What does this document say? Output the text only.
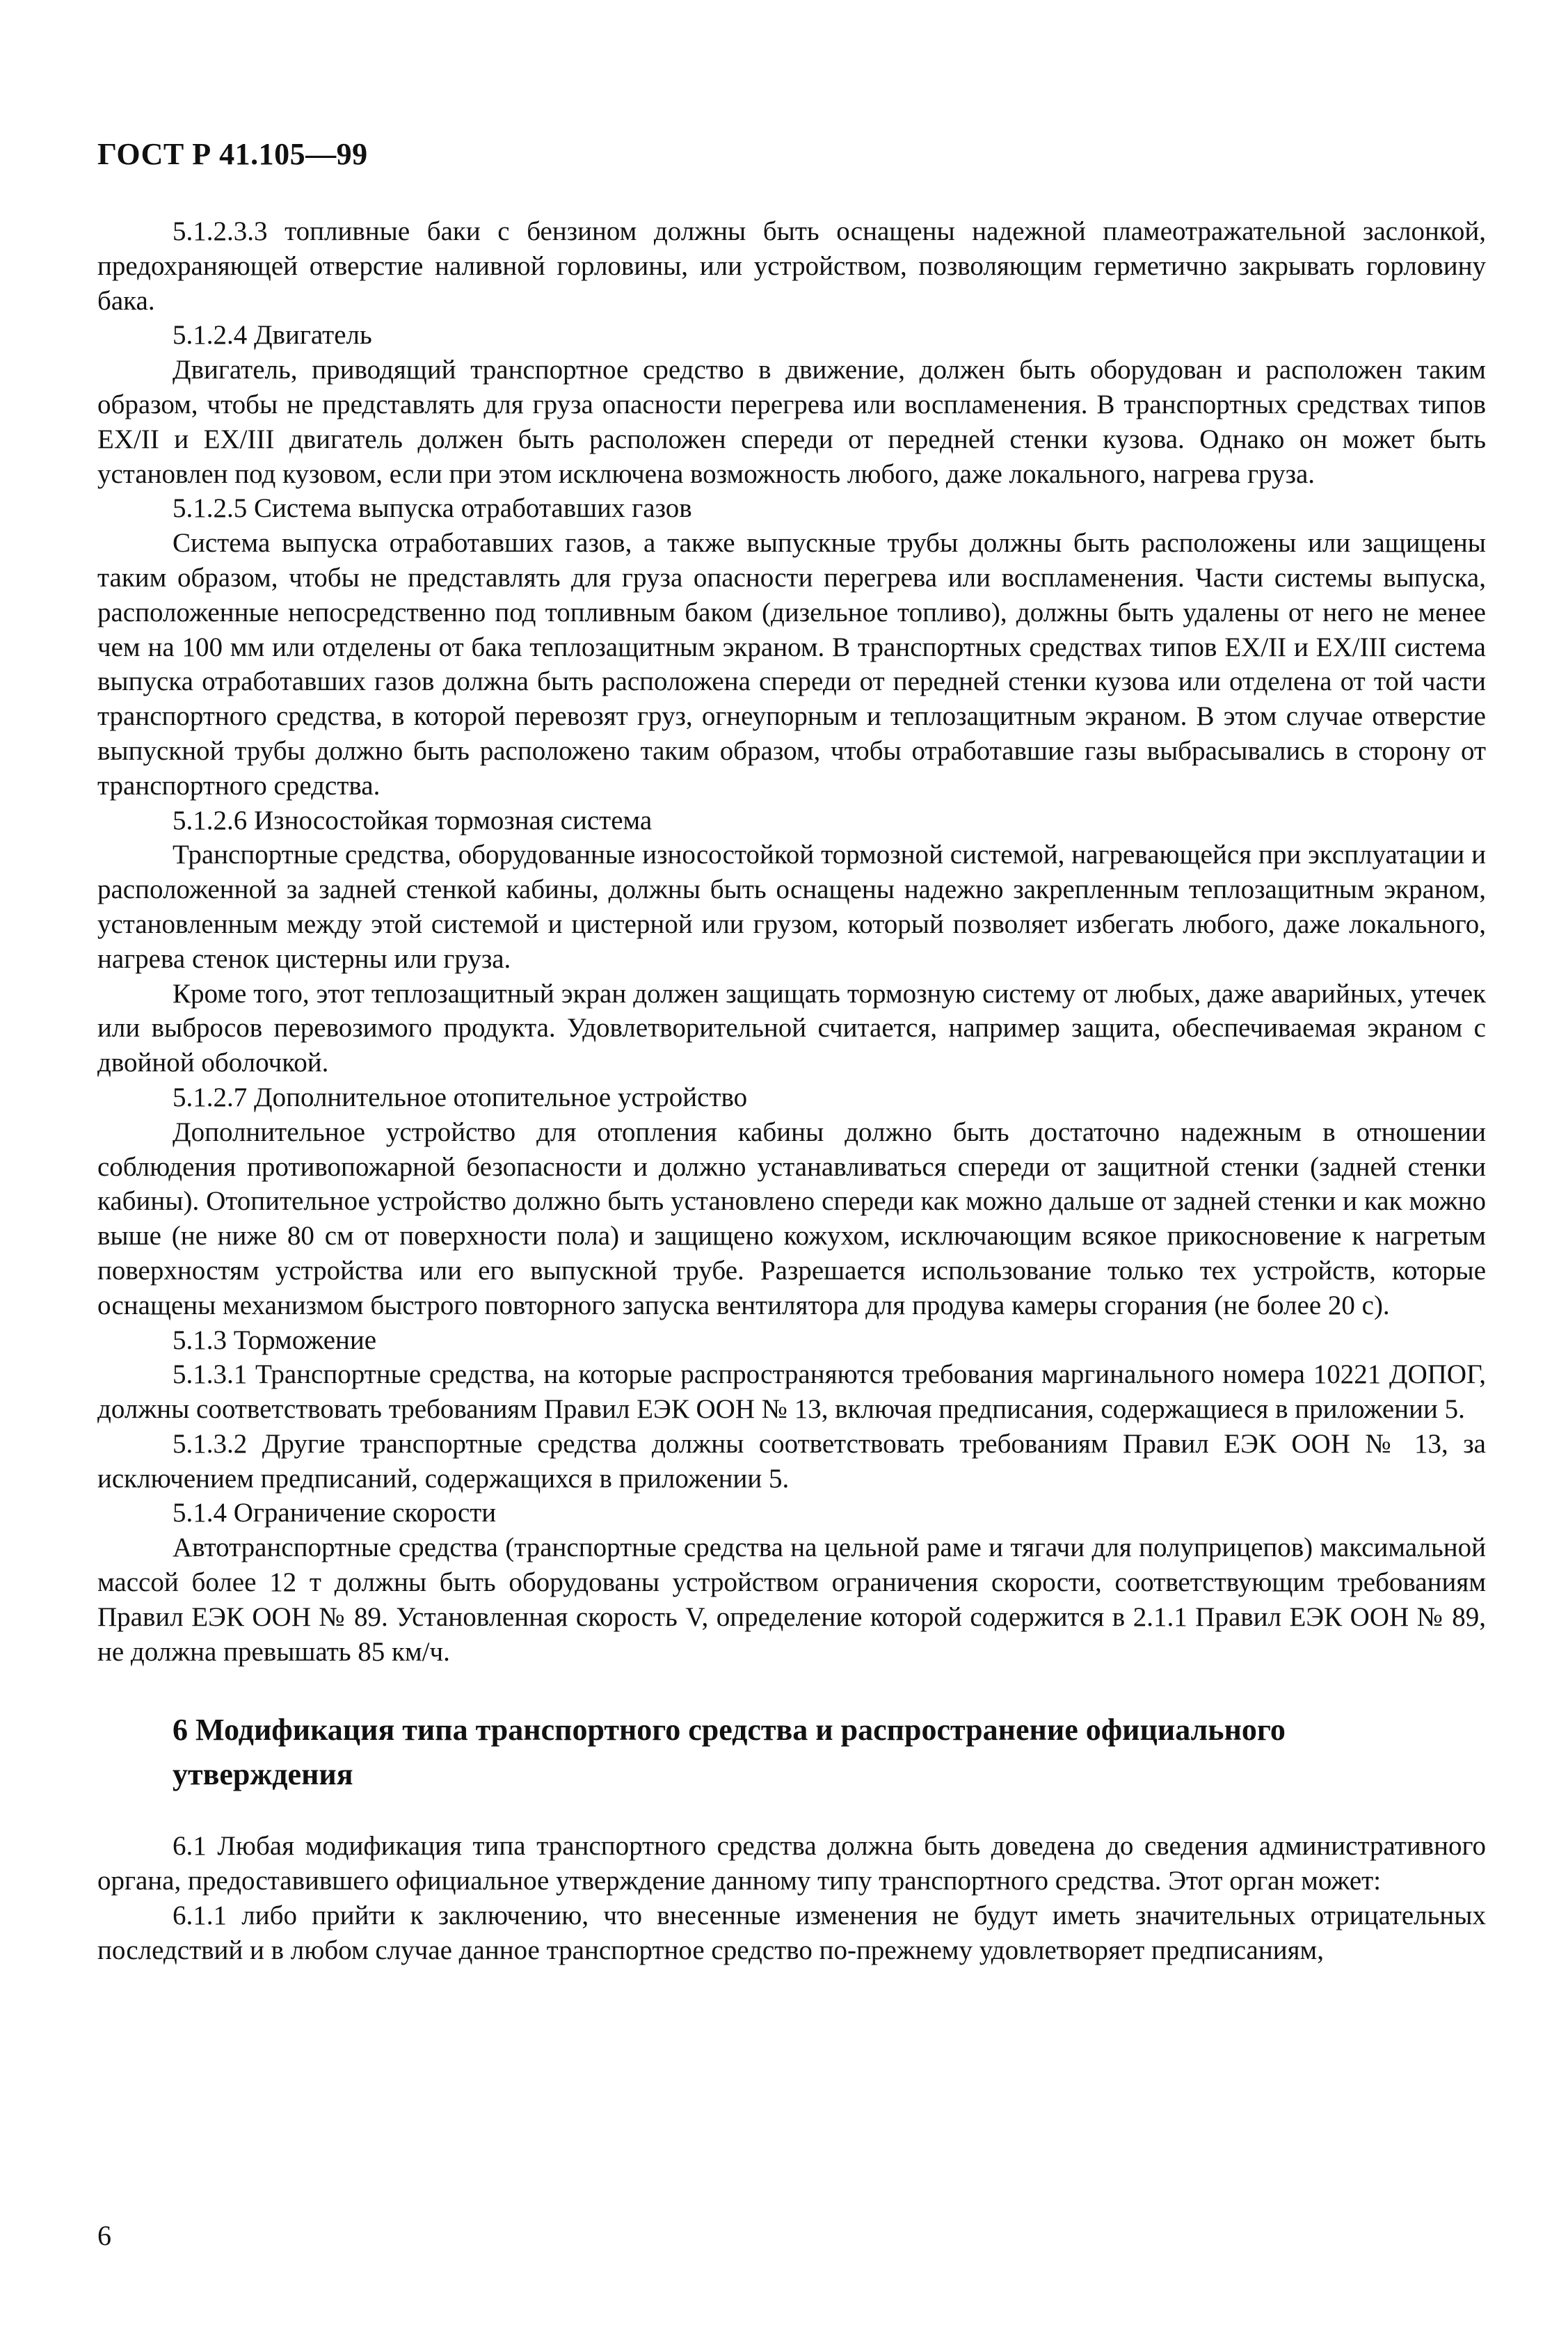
ГОСТ Р 41.105—99

5.1.2.3.3 топливные баки с бензином должны быть оснащены надежной пламеотражательной заслонкой, предохраняющей отверстие наливной горловины, или устройством, позволяющим герметично закрывать горловину бака.

5.1.2.4 Двигатель

Двигатель, приводящий транспортное средство в движение, должен быть оборудован и расположен таким образом, чтобы не представлять для груза опасности перегрева или воспламенения. В транспортных средствах типов EX/II и EX/III двигатель должен быть расположен спереди от передней стенки кузова. Однако он может быть установлен под кузовом, если при этом исключена возможность любого, даже локального, нагрева груза.

5.1.2.5 Система выпуска отработавших газов

Система выпуска отработавших газов, а также выпускные трубы должны быть расположены или защищены таким образом, чтобы не представлять для груза опасности перегрева или воспламенения. Части системы выпуска, расположенные непосредственно под топливным баком (дизельное топливо), должны быть удалены от него не менее чем на 100 мм или отделены от бака теплозащитным экраном. В транспортных средствах типов EX/II и EX/III система выпуска отработавших газов должна быть расположена спереди от передней стенки кузова или отделена от той части транспортного средства, в которой перевозят груз, огнеупорным и теплозащитным экраном. В этом случае отверстие выпускной трубы должно быть расположено таким образом, чтобы отработавшие газы выбрасывались в сторону от транспортного средства.

5.1.2.6 Износостойкая тормозная система

Транспортные средства, оборудованные износостойкой тормозной системой, нагревающейся при эксплуатации и расположенной за задней стенкой кабины, должны быть оснащены надежно закрепленным теплозащитным экраном, установленным между этой системой и цистерной или грузом, который позволяет избегать любого, даже локального, нагрева стенок цистерны или груза.

Кроме того, этот теплозащитный экран должен защищать тормозную систему от любых, даже аварийных, утечек или выбросов перевозимого продукта. Удовлетворительной считается, например защита, обеспечиваемая экраном с двойной оболочкой.

5.1.2.7 Дополнительное отопительное устройство

Дополнительное устройство для отопления кабины должно быть достаточно надежным в отношении соблюдения противопожарной безопасности и должно устанавливаться спереди от защитной стенки (задней стенки кабины). Отопительное устройство должно быть установлено спереди как можно дальше от задней стенки и как можно выше (не ниже 80 см от поверхности пола) и защищено кожухом, исключающим всякое прикосновение к нагретым поверхностям устройства или его выпускной трубе. Разрешается использование только тех устройств, которые оснащены механизмом быстрого повторного запуска вентилятора для продува камеры сгорания (не более 20 с).

5.1.3 Торможение

5.1.3.1 Транспортные средства, на которые распространяются требования маргинального номера 10221 ДОПОГ, должны соответствовать требованиям Правил ЕЭК ООН № 13, включая предписания, содержащиеся в приложении 5.

5.1.3.2 Другие транспортные средства должны соответствовать требованиям Правил ЕЭК ООН № 13, за исключением предписаний, содержащихся в приложении 5.

5.1.4 Ограничение скорости

Автотранспортные средства (транспортные средства на цельной раме и тягачи для полуприцепов) максимальной массой более 12 т должны быть оборудованы устройством ограничения скорости, соответствующим требованиям Правил ЕЭК ООН № 89. Установленная скорость V, определение которой содержится в 2.1.1 Правил ЕЭК ООН № 89, не должна превышать 85 км/ч.

6 Модификация типа транспортного средства и распространение официального утверждения

6.1 Любая модификация типа транспортного средства должна быть доведена до сведения административного органа, предоставившего официальное утверждение данному типу транспортного средства. Этот орган может:

6.1.1 либо прийти к заключению, что внесенные изменения не будут иметь значительных отрицательных последствий и в любом случае данное транспортное средство по-прежнему удовлетворяет предписаниям,

6
